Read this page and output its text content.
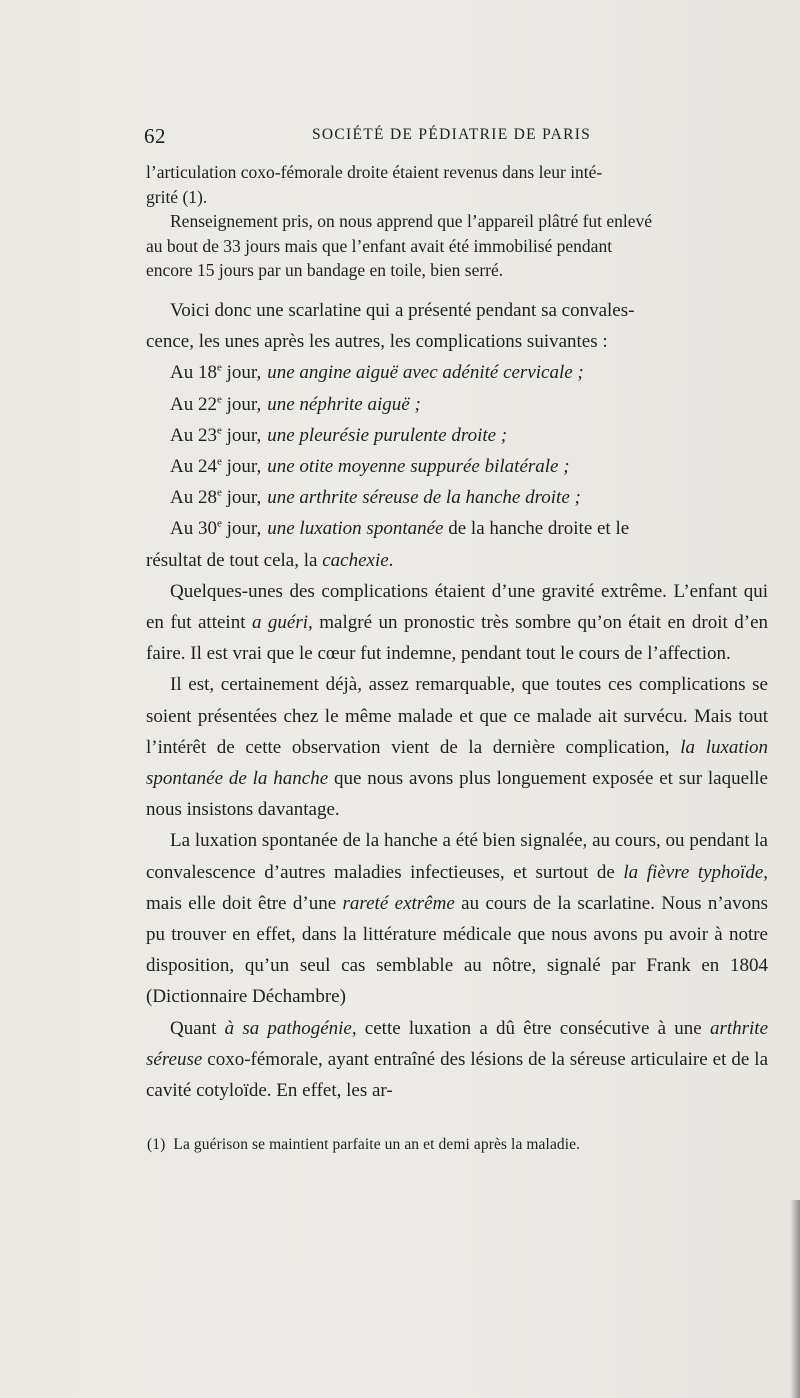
62	SOCIÉTÉ DE PÉDIATRIE DE PARIS

l’articulation coxo-fémorale droite étaient revenus dans leur inté-

grité (1).

Renseignement pris, on nous apprend que l’appareil plâtré fut enlevé

au bout de 33 jours mais que l’enfant avait été immobilisé pendant

encore 15 jours par un bandage en toile, bien serré.

Voici donc une scarlatine qui a présenté pendant sa convales-

cence, les unes après les autres, les complications suivantes :

Au 18e jour, une angine aiguë avec adénité cervicale ;

Au 22e jour, une néphrite aiguë ;

Au 23e jour, une pleurésie purulente droite ;

Au 24e jour, une otite moyenne suppurée bilatérale ;

Au 28e jour, une arthrite séreuse de la hanche droite ;

Au 30e jour, une luxation spontanée de la hanche droite et le

résultat de tout cela, la cachexie.

Quelques-unes des complications étaient d’une gravité extrême. L’enfant qui en fut atteint a guéri, malgré un pronostic très sombre qu’on était en droit d’en faire. Il est vrai que le cœur fut indemne, pendant tout le cours de l’affection.

Il est, certainement déjà, assez remarquable, que toutes ces complications se soient présentées chez le même malade et que ce malade ait survécu. Mais tout l’intérêt de cette observation vient de la dernière complication, la luxation spontanée de la hanche que nous avons plus longuement exposée et sur laquelle nous insistons davantage.

La luxation spontanée de la hanche a été bien signalée, au cours, ou pendant la convalescence d’autres maladies infectieuses, et surtout de la fièvre typhoïde, mais elle doit être d’une rareté extrême au cours de la scarlatine. Nous n’avons pu trouver en effet, dans la littérature médicale que nous avons pu avoir à notre disposition, qu’un seul cas semblable au nôtre, signalé par Frank en 1804 (Dictionnaire Déchambre)

Quant à sa pathogénie, cette luxation a dû être consécutive à une arthrite séreuse coxo-fémorale, ayant entraîné des lésions de la séreuse articulaire et de la cavité cotyloïde. En effet, les ar-

(1) La guérison se maintient parfaite un an et demi après la maladie.
